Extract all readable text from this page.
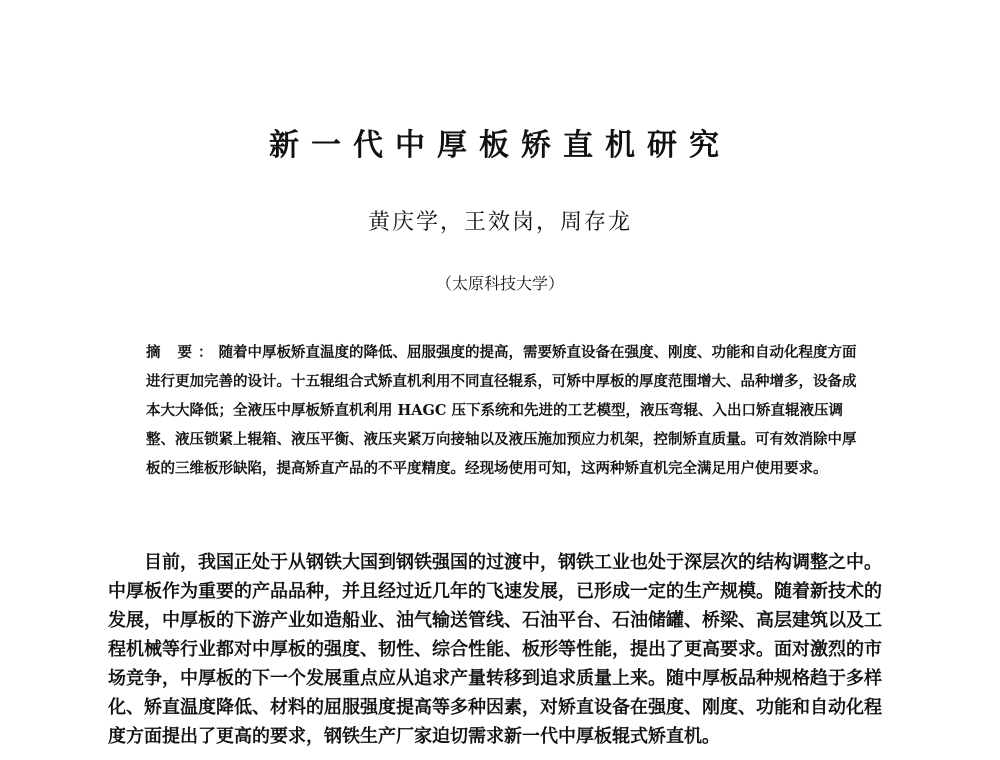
新一代中厚板矫直机研究
黄庆学，王效岗，周存龙
（太原科技大学）
摘 要：随着中厚板矫直温度的降低、屈服强度的提高，需要矫直设备在强度、刚度、功能和自动化程度方面进行更加完善的设计。十五辊组合式矫直机利用不同直径辊系，可矫中厚板的厚度范围增大、品种增多，设备成本大大降低；全液压中厚板矫直机利用 HAGC 压下系统和先进的工艺模型，液压弯辊、入出口矫直辊液压调整、液压锁紧上辊箱、液压平衡、液压夹紧万向接轴以及液压施加预应力机架，控制矫直质量。可有效消除中厚板的三维板形缺陷，提高矫直产品的不平度精度。经现场使用可知，这两种矫直机完全满足用户使用要求。
目前，我国正处于从钢铁大国到钢铁强国的过渡中，钢铁工业也处于深层次的结构调整之中。中厚板作为重要的产品品种，并且经过近几年的飞速发展，已形成一定的生产规模。随着新技术的发展，中厚板的下游产业如造船业、油气输送管线、石油平台、石油储罐、桥梁、高层建筑以及工程机械等行业都对中厚板的强度、韧性、综合性能、板形等性能，提出了更高要求。面对激烈的市场竞争，中厚板的下一个发展重点应从追求产量转移到追求质量上来。随中厚板品种规格趋于多样化、矫直温度降低、材料的屈服强度提高等多种因素，对矫直设备在强度、刚度、功能和自动化程度方面提出了更高的要求，钢铁生产厂家迫切需求新一代中厚板辊式矫直机。
